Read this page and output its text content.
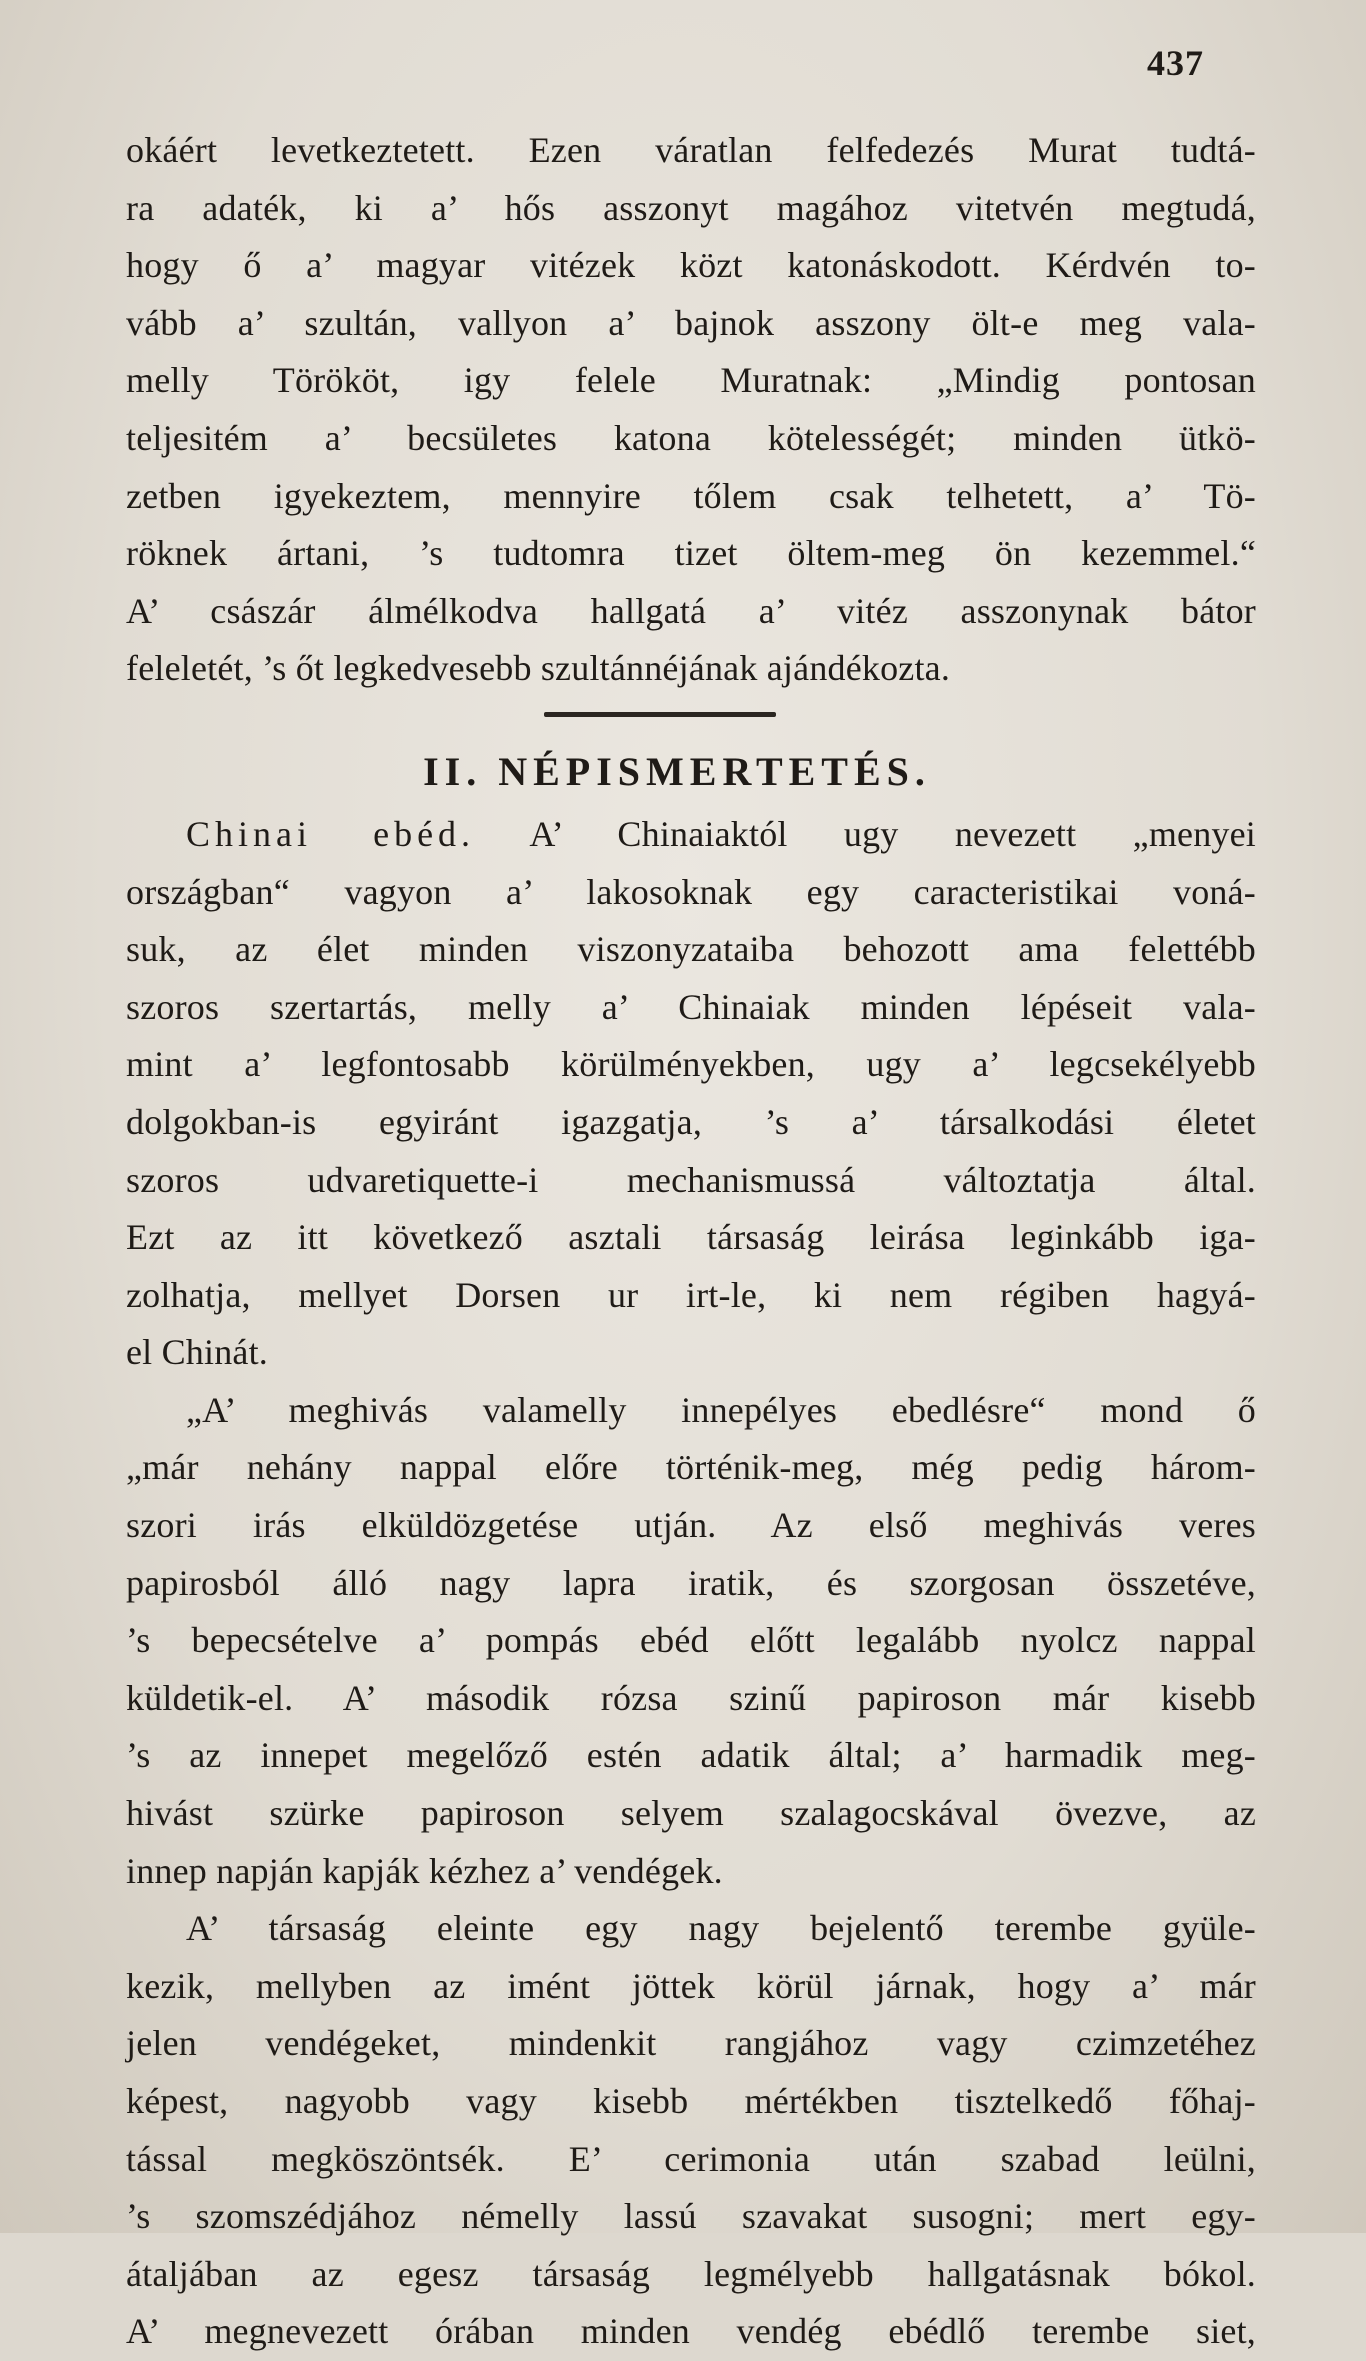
437
okáért levetkeztetett. Ezen váratlan felfedezés Murat tudtá-
ra adaték, ki a’ hős asszonyt magához vitetvén megtudá,
hogy ő a’ magyar vitézek közt katonáskodott. Kérdvén to-
vább a’ szultán, vallyon a’ bajnok asszony ölt-e meg vala-
melly Törököt, igy felele Muratnak: „Mindig pontosan
teljesitém a’ becsületes katona kötelességét; minden ütkö-
zetben igyekeztem, mennyire tőlem csak telhetett, a’ Tö-
röknek ártani, ’s tudtomra tizet öltem-meg ön kezemmel.“
A’ császár álmélkodva hallgatá a’ vitéz asszonynak bátor
feleletét, ’s őt legkedvesebb szultánnéjának ajándékozta.
II. NÉPISMERTETÉS.
Chinai ebéd. A’ Chinaiaktól ugy nevezett „menyei
országban“ vagyon a’ lakosoknak egy caracteristikai voná-
suk, az élet minden viszonyzataiba behozott ama felettébb
szoros szertartás, melly a’ Chinaiak minden lépéseit vala-
mint a’ legfontosabb körülményekben, ugy a’ legcsekélyebb
dolgokban-is egyiránt igazgatja, ’s a’ társalkodási életet
szoros udvaretiquette-i mechanismussá változtatja által.
Ezt az itt következő asztali társaság leirása leginkább iga-
zolhatja, mellyet Dorsen ur irt-le, ki nem régiben hagyá-
el Chinát.
„A’ meghivás valamelly innepélyes ebedlésre“ mond ő
„már nehány nappal előre történik-meg, még pedig három-
szori irás elküldözgetése utján. Az első meghivás veres
papirosból álló nagy lapra iratik, és szorgosan összetéve,
’s bepecsételve a’ pompás ebéd előtt legalább nyolcz nappal
küldetik-el. A’ második rózsa szinű papiroson már kisebb
’s az innepet megelőző estén adatik által; a’ harmadik meg-
hivást szürke papiroson selyem szalagocskával övezve, az
innep napján kapják kézhez a’ vendégek.
A’ társaság eleinte egy nagy bejelentő terembe gyüle-
kezik, mellyben az imént jöttek körül járnak, hogy a’ már
jelen vendégeket, mindenkit rangjához vagy czimzetéhez
képest, nagyobb vagy kisebb mértékben tisztelkedő főhaj-
tással megköszöntsék. E’ cerimonia után szabad leülni,
’s szomszédjához némelly lassú szavakat susogni; mert egy-
átaljában az egesz társaság legmélyebb hallgatásnak bókol.
A’ megnevezett órában minden vendég ebédlő terembe siet,
